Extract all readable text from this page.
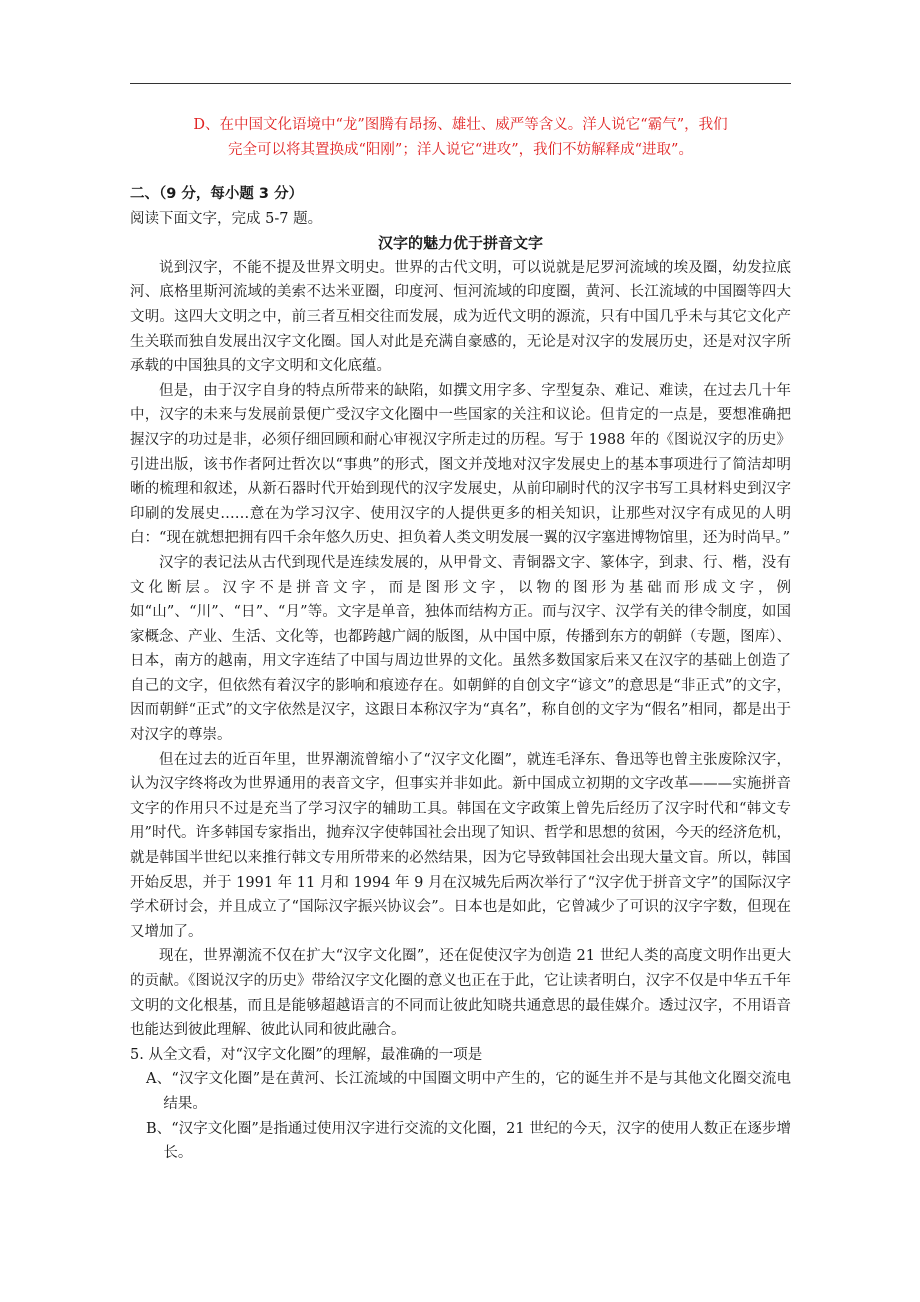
D、在中国文化语境中“龙”图腾有昂扬、雄壮、威严等含义。洋人说它“霸气”，我们

完全可以将其置换成“阳刚”；洋人说它“进攻”，我们不妨解释成“进取”。

二、（9 分，每小题 3 分）

阅读下面文字，完成 5-7 题。

汉字的魅力优于拼音文字

说到汉字，不能不提及世界文明史。世界的古代文明，可以说就是尼罗河流域的埃及圈，幼发拉底河、底格里斯河流域的美索不达米亚圈，印度河、恒河流域的印度圈，黄河、长江流域的中国圈等四大文明。这四大文明之中，前三者互相交往而发展，成为近代文明的源流，只有中国几乎未与其它文化产生关联而独自发展出汉字文化圈。国人对此是充满自豪感的，无论是对汉字的发展历史，还是对汉字所承载的中国独具的文字文明和文化底蕴。

但是，由于汉字自身的特点所带来的缺陷，如撰文用字多、字型复杂、难记、难读，在过去几十年中，汉字的未来与发展前景便广受汉字文化圈中一些国家的关注和议论。但肯定的一点是，要想准确把握汉字的功过是非，必须仔细回顾和耐心审视汉字所走过的历程。写于 1988 年的《图说汉字的历史》引进出版，该书作者阿辻哲次以“事典”的形式，图文并茂地对汉字发展史上的基本事项进行了简洁却明晰的梳理和叙述，从新石器时代开始到现代的汉字发展史，从前印刷时代的汉字书写工具材料史到汉字印刷的发展史……意在为学习汉字、使用汉字的人提供更多的相关知识，让那些对汉字有成见的人明白：“现在就想把拥有四千余年悠久历史、担负着人类文明发展一翼的汉字塞进博物馆里，还为时尚早。”

汉字的表记法从古代到现代是连续发展的，从甲骨文、青铜器文字、篆体字，到隶、行、楷，没有文化断层。汉字不是拼音文字，而是图形文字，以物的图形为基础而形成文字，例如“山”、“川”、“日”、“月”等。文字是单音，独体而结构方正。而与汉字、汉学有关的律令制度，如国家概念、产业、生活、文化等，也都跨越广阔的版图，从中国中原，传播到东方的朝鲜（专题，图库）、日本，南方的越南，用文字连结了中国与周边世界的文化。虽然多数国家后来又在汉字的基础上创造了自己的文字，但依然有着汉字的影响和痕迹存在。如朝鲜的自创文字“谚文”的意思是“非正式”的文字，因而朝鲜“正式”的文字依然是汉字，这跟日本称汉字为“真名”，称自创的文字为“假名”相同，都是出于对汉字的尊崇。

但在过去的近百年里，世界潮流曾缩小了“汉字文化圈”，就连毛泽东、鲁迅等也曾主张废除汉字，认为汉字终将改为世界通用的表音文字，但事实并非如此。新中国成立初期的文字改革———实施拼音文字的作用只不过是充当了学习汉字的辅助工具。韩国在文字政策上曾先后经历了汉字时代和“韩文专用”时代。许多韩国专家指出，抛弃汉字使韩国社会出现了知识、哲学和思想的贫困，今天的经济危机，就是韩国半世纪以来推行韩文专用所带来的必然结果，因为它导致韩国社会出现大量文盲。所以，韩国开始反思，并于 1991 年 11 月和 1994 年 9 月在汉城先后两次举行了“汉字优于拼音文字”的国际汉字学术研讨会，并且成立了“国际汉字振兴协议会”。日本也是如此，它曾减少了可识的汉字字数，但现在又增加了。

现在，世界潮流不仅在扩大“汉字文化圈”，还在促使汉字为创造 21 世纪人类的高度文明作出更大的贡献。《图说汉字的历史》带给汉字文化圈的意义也正在于此，它让读者明白，汉字不仅是中华五千年文明的文化根基，而且是能够超越语言的不同而让彼此知晓共通意思的最佳媒介。透过汉字，不用语音也能达到彼此理解、彼此认同和彼此融合。

5. 从全文看，对“汉字文化圈”的理解，最准确的一项是

A、“汉字文化圈”是在黄河、长江流域的中国圈文明中产生的，它的诞生并不是与其他文化圈交流电结果。

B、“汉字文化圈”是指通过使用汉字进行交流的文化圈，21 世纪的今天，汉字的使用人数正在逐步增长。
